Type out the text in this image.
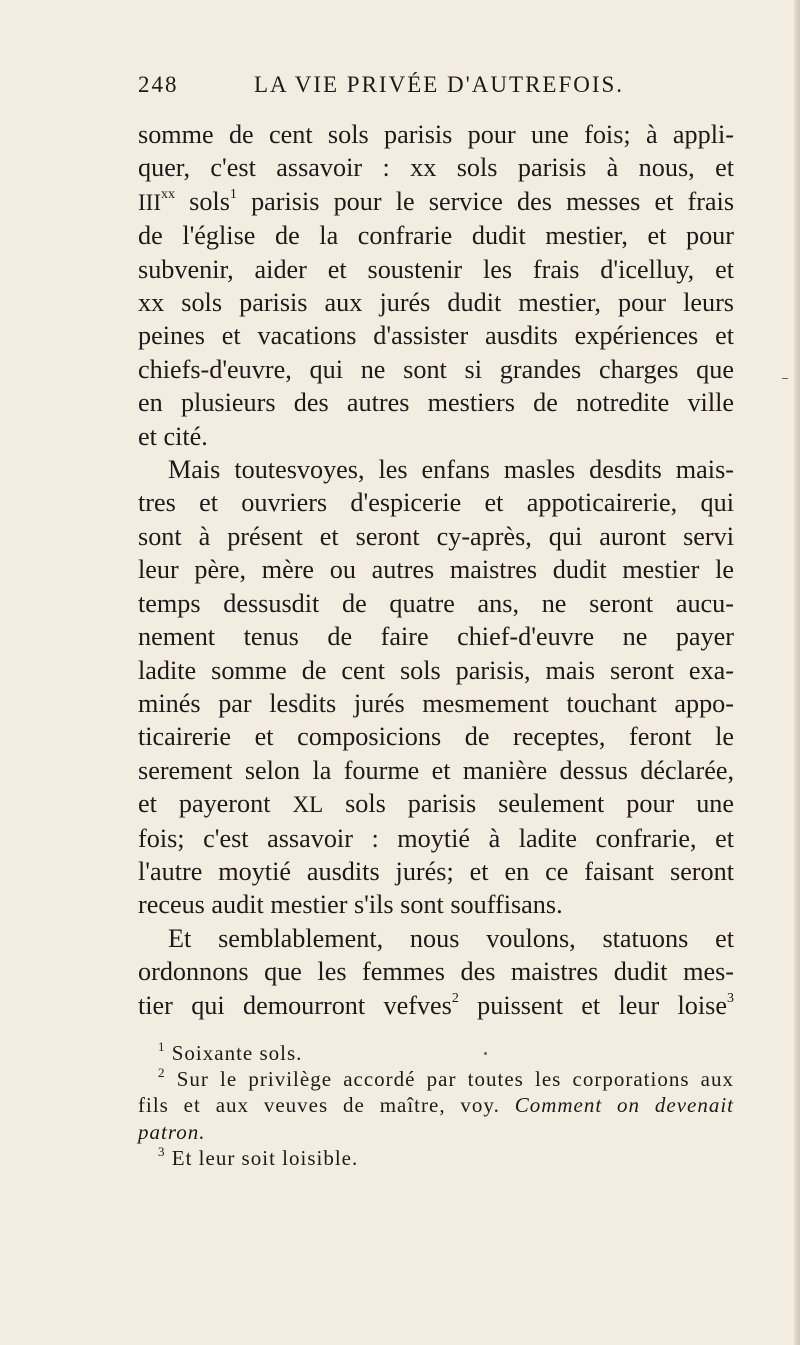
248	LA VIE PRIVÉE D'AUTREFOIS.
somme de cent sols parisis pour une fois; à appli-
quer, c'est assavoir : xx sols parisis à nous, et
III$^{xx}$ sols$^1$ parisis pour le service des messes et frais
de l'église de la confrarie dudit mestier, et pour
subvenir, aider et soustenir les frais d'icelluy, et
xx sols parisis aux jurés dudit mestier, pour leurs
peines et vacations d'assister ausdits expériences et
chiefs-d'euvre, qui ne sont si grandes charges que
en plusieurs des autres mestiers de notredite ville
et cité.
Mais toutesvoyes, les enfans masles desdits mais-
tres et ouvriers d'espicerie et appoticairerie, qui
sont à présent et seront cy-après, qui auront servi
leur père, mère ou autres maistres dudit mestier le
temps dessusdit de quatre ans, ne seront aucu-
nement tenus de faire chief-d'euvre ne payer
ladite somme de cent sols parisis, mais seront exa-
minés par lesdits jurés mesmement touchant appo-
ticairerie et composicions de receptes, feront le
serement selon la fourme et manière dessus déclarée,
et payeront XL sols parisis seulement pour une
fois; c'est assavoir : moytié à ladite confrarie, et
l'autre moytié ausdits jurés; et en ce faisant seront
receus audit mestier s'ils sont souffisans.
Et semblablement, nous voulons, statuons et
ordonnons que les femmes des maistres dudit mes-
tier qui demourront vefves$^2$ puissent et leur loise$^3$
$^1$ Soixante sols.
$^2$ Sur le privilège accordé par toutes les corporations aux
fils et aux veuves de maître, voy. Comment on devenait
patron.
$^3$ Et leur soit loisible.
